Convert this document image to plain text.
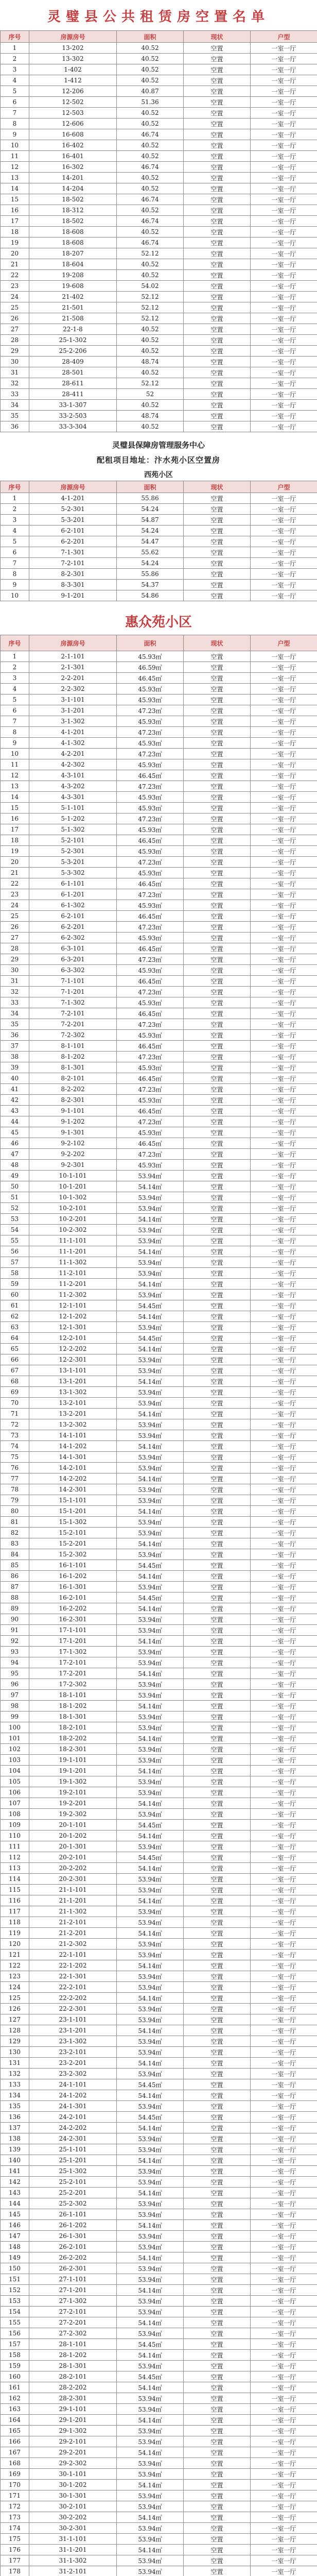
灵璧县公共租赁房空置名单
序号	房源房号	面积	现状	户型
1	13-202	40.52	空置	一室一厅
2	13-302	40.52	空置	一室一厅
3	1-402	40.52	空置	一室一厅
4	1-412	40.52	空置	一室一厅
5	12-206	40.87	空置	一室一厅
6	12-502	51.36	空置	一室一厅
7	12-503	40.52	空置	一室一厅
8	12-606	40.52	空置	一室一厅
9	16-608	46.74	空置	一室一厅
10	16-402	40.52	空置	一室一厅
11	16-401	40.52	空置	一室一厅
12	16-302	46.74	空置	一室一厅
13	14-201	40.52	空置	一室一厅
14	14-204	40.52	空置	一室一厅
15	18-502	46.74	空置	一室一厅
16	18-312	40.52	空置	一室一厅
17	18-502	46.74	空置	一室一厅
18	18-608	40.52	空置	一室一厅
19	18-608	46.74	空置	一室一厅
20	18-207	52.12	空置	一室一厅
21	18-604	40.52	空置	一室一厅
22	19-208	40.52	空置	一室一厅
23	19-608	54.02	空置	一室一厅
24	21-402	52.12	空置	一室一厅
25	21-501	52.12	空置	一室一厅
26	21-508	52.12	空置	一室一厅
27	22-1-8	40.52	空置	一室一厅
28	25-1-302	40.52	空置	一室一厅
29	25-2-206	40.52	空置	一室一厅
30	28-409	48.74	空置	一室一厅
31	28-501	40.52	空置	一室一厅
32	28-611	52.12	空置	一室一厅
33	28-411	52	空置	一室一厅
34	33-1-307	40.52	空置	一室一厅
35	33-2-503	48.74	空置	一室一厅
36	33-3-304	40.52	空置	一室一厅
灵璧县保障房管理服务中心
配租项目地址：汴水苑小区空置房
西苑小区
序号	房源房号	面积	现状	户型
1	4-1-201	55.86	空置	一室一厅
2	5-2-301	54.24	空置	一室一厅
3	5-3-201	54.87	空置	一室一厅
4	6-2-101	54.24	空置	一室一厅
5	6-2-201	54.47	空置	一室一厅
6	7-1-301	55.62	空置	一室一厅
7	7-2-101	54.24	空置	一室一厅
8	8-2-301	55.86	空置	一室一厅
9	8-3-301	54.37	空置	一室一厅
10	9-1-201	54.86	空置	一室一厅
惠众苑小区
序号	房源房号	面积	现状	户型
1	2-1-101	45.93㎡	空置	一室一厅
2	2-1-301	46.59㎡	空置	一室一厅
3	2-2-201	46.45㎡	空置	一室一厅
4	2-2-302	45.93㎡	空置	一室一厅
5	3-1-101	45.93㎡	空置	一室一厅
6	3-1-201	47.23㎡	空置	一室一厅
7	3-1-302	45.93㎡	空置	一室一厅
8	4-1-201	47.23㎡	空置	一室一厅
9	4-1-302	45.93㎡	空置	一室一厅
10	4-2-201	47.23㎡	空置	一室一厅
11	4-2-302	45.93㎡	空置	一室一厅
12	4-3-101	46.45㎡	空置	一室一厅
13	4-3-202	47.23㎡	空置	一室一厅
14	4-3-301	45.93㎡	空置	一室一厅
15	5-1-101	45.93㎡	空置	一室一厅
16	5-1-202	47.23㎡	空置	一室一厅
17	5-1-302	45.93㎡	空置	一室一厅
18	5-2-101	46.45㎡	空置	一室一厅
19	5-2-301	45.93㎡	空置	一室一厅
20	5-3-201	47.23㎡	空置	一室一厅
21	5-3-302	45.93㎡	空置	一室一厅
22	6-1-101	46.45㎡	空置	一室一厅
23	6-1-201	47.23㎡	空置	一室一厅
24	6-1-302	45.93㎡	空置	一室一厅
25	6-2-101	46.45㎡	空置	一室一厅
26	6-2-201	47.23㎡	空置	一室一厅
27	6-2-302	45.93㎡	空置	一室一厅
28	6-3-101	46.45㎡	空置	一室一厅
29	6-3-201	47.23㎡	空置	一室一厅
30	6-3-302	45.93㎡	空置	一室一厅
31	7-1-101	46.45㎡	空置	一室一厅
32	7-1-201	47.23㎡	空置	一室一厅
33	7-1-302	45.93㎡	空置	一室一厅
34	7-2-101	46.45㎡	空置	一室一厅
35	7-2-201	47.23㎡	空置	一室一厅
36	7-2-302	45.93㎡	空置	一室一厅
37	8-1-101	46.45㎡	空置	一室一厅
38	8-1-202	47.23㎡	空置	一室一厅
39	8-1-301	45.93㎡	空置	一室一厅
40	8-2-101	46.45㎡	空置	一室一厅
41	8-2-202	47.23㎡	空置	一室一厅
42	8-2-301	45.93㎡	空置	一室一厅
43	9-1-101	46.45㎡	空置	一室一厅
44	9-1-202	47.23㎡	空置	一室一厅
45	9-1-301	45.93㎡	空置	一室一厅
46	9-2-102	46.45㎡	空置	一室一厅
47	9-2-202	47.23㎡	空置	一室一厅
48	9-2-301	45.93㎡	空置	一室一厅
49	10-1-101	53.94㎡	空置	一室一厅
50	10-1-201	54.14㎡	空置	一室一厅
51	10-1-302	53.94㎡	空置	一室一厅
52	10-2-101	53.94㎡	空置	一室一厅
53	10-2-201	54.14㎡	空置	一室一厅
54	10-2-302	53.94㎡	空置	一室一厅
55	11-1-101	53.94㎡	空置	一室一厅
56	11-1-201	54.14㎡	空置	一室一厅
57	11-1-302	53.94㎡	空置	一室一厅
58	11-2-101	53.94㎡	空置	一室一厅
59	11-2-201	54.14㎡	空置	一室一厅
60	11-2-302	53.94㎡	空置	一室一厅
61	12-1-101	54.45㎡	空置	一室一厅
62	12-1-202	54.14㎡	空置	一室一厅
63	12-1-301	53.94㎡	空置	一室一厅
64	12-2-101	54.45㎡	空置	一室一厅
65	12-2-202	54.14㎡	空置	一室一厅
66	12-2-301	53.94㎡	空置	一室一厅
67	13-1-101	53.94㎡	空置	一室一厅
68	13-1-201	54.14㎡	空置	一室一厅
69	13-1-302	53.94㎡	空置	一室一厅
70	13-2-101	53.94㎡	空置	一室一厅
71	13-2-201	54.14㎡	空置	一室一厅
72	13-2-302	53.94㎡	空置	一室一厅
73	14-1-101	53.94㎡	空置	一室一厅
74	14-1-202	54.14㎡	空置	一室一厅
75	14-1-301	53.94㎡	空置	一室一厅
76	14-2-101	53.94㎡	空置	一室一厅
77	14-2-202	54.14㎡	空置	一室一厅
78	14-2-301	53.94㎡	空置	一室一厅
79	15-1-101	53.94㎡	空置	一室一厅
80	15-1-201	54.14㎡	空置	一室一厅
81	15-1-302	53.94㎡	空置	一室一厅
82	15-2-101	53.94㎡	空置	一室一厅
83	15-2-201	54.14㎡	空置	一室一厅
84	15-2-302	53.94㎡	空置	一室一厅
85	16-1-101	54.45㎡	空置	一室一厅
86	16-1-202	54.14㎡	空置	一室一厅
87	16-1-301	53.94㎡	空置	一室一厅
88	16-2-101	54.45㎡	空置	一室一厅
89	16-2-202	54.14㎡	空置	一室一厅
90	16-2-301	53.94㎡	空置	一室一厅
91	17-1-101	53.94㎡	空置	一室一厅
92	17-1-201	54.14㎡	空置	一室一厅
93	17-1-302	53.94㎡	空置	一室一厅
94	17-2-101	53.94㎡	空置	一室一厅
95	17-2-201	54.14㎡	空置	一室一厅
96	17-2-302	53.94㎡	空置	一室一厅
97	18-1-101	53.94㎡	空置	一室一厅
98	18-1-202	54.14㎡	空置	一室一厅
99	18-1-301	53.94㎡	空置	一室一厅
100	18-2-101	53.94㎡	空置	一室一厅
101	18-2-202	54.14㎡	空置	一室一厅
102	18-2-301	53.94㎡	空置	一室一厅
103	19-1-101	53.94㎡	空置	一室一厅
104	19-1-201	54.14㎡	空置	一室一厅
105	19-1-302	53.94㎡	空置	一室一厅
106	19-2-101	53.94㎡	空置	一室一厅
107	19-2-201	54.14㎡	空置	一室一厅
108	19-2-302	53.94㎡	空置	一室一厅
109	20-1-101	54.45㎡	空置	一室一厅
110	20-1-202	54.14㎡	空置	一室一厅
111	20-1-301	53.94㎡	空置	一室一厅
112	20-2-101	54.45㎡	空置	一室一厅
113	20-2-202	54.14㎡	空置	一室一厅
114	20-2-301	53.94㎡	空置	一室一厅
115	21-1-101	53.94㎡	空置	一室一厅
116	21-1-201	54.14㎡	空置	一室一厅
117	21-1-302	53.94㎡	空置	一室一厅
118	21-2-101	53.94㎡	空置	一室一厅
119	21-2-201	54.14㎡	空置	一室一厅
120	21-2-302	53.94㎡	空置	一室一厅
121	22-1-101	53.94㎡	空置	一室一厅
122	22-1-202	54.14㎡	空置	一室一厅
123	22-1-301	53.94㎡	空置	一室一厅
124	22-2-101	53.94㎡	空置	一室一厅
125	22-2-202	54.14㎡	空置	一室一厅
126	22-2-301	53.94㎡	空置	一室一厅
127	23-1-101	53.94㎡	空置	一室一厅
128	23-1-201	54.14㎡	空置	一室一厅
129	23-1-302	53.94㎡	空置	一室一厅
130	23-2-101	53.94㎡	空置	一室一厅
131	23-2-201	54.14㎡	空置	一室一厅
132	23-2-302	53.94㎡	空置	一室一厅
133	24-1-101	54.45㎡	空置	一室一厅
134	24-1-202	54.14㎡	空置	一室一厅
135	24-1-301	53.94㎡	空置	一室一厅
136	24-2-101	54.45㎡	空置	一室一厅
137	24-2-202	54.14㎡	空置	一室一厅
138	24-2-301	53.94㎡	空置	一室一厅
139	25-1-101	53.94㎡	空置	一室一厅
140	25-1-201	54.14㎡	空置	一室一厅
141	25-1-302	53.94㎡	空置	一室一厅
142	25-2-101	53.94㎡	空置	一室一厅
143	25-2-201	54.14㎡	空置	一室一厅
144	25-2-302	53.94㎡	空置	一室一厅
145	26-1-101	53.94㎡	空置	一室一厅
146	26-1-202	54.14㎡	空置	一室一厅
147	26-1-301	53.94㎡	空置	一室一厅
148	26-2-101	53.94㎡	空置	一室一厅
149	26-2-202	54.14㎡	空置	一室一厅
150	26-2-301	53.94㎡	空置	一室一厅
151	27-1-101	53.94㎡	空置	一室一厅
152	27-1-201	54.14㎡	空置	一室一厅
153	27-1-302	53.94㎡	空置	一室一厅
154	27-2-101	53.94㎡	空置	一室一厅
155	27-2-201	54.14㎡	空置	一室一厅
156	27-2-302	53.94㎡	空置	一室一厅
157	28-1-101	54.45㎡	空置	一室一厅
158	28-1-202	54.14㎡	空置	一室一厅
159	28-1-301	53.94㎡	空置	一室一厅
160	28-2-101	54.45㎡	空置	一室一厅
161	28-2-202	54.14㎡	空置	一室一厅
162	28-2-301	53.94㎡	空置	一室一厅
163	29-1-101	53.94㎡	空置	一室一厅
164	29-1-201	54.14㎡	空置	一室一厅
165	29-1-302	53.94㎡	空置	一室一厅
166	29-2-101	53.94㎡	空置	一室一厅
167	29-2-201	54.14㎡	空置	一室一厅
168	29-2-302	53.94㎡	空置	一室一厅
169	30-1-101	53.94㎡	空置	一室一厅
170	30-1-202	54.14㎡	空置	一室一厅
171	30-1-301	53.94㎡	空置	一室一厅
172	30-2-101	53.94㎡	空置	一室一厅
173	30-2-202	54.14㎡	空置	一室一厅
174	30-2-301	53.94㎡	空置	一室一厅
175	31-1-101	53.94㎡	空置	一室一厅
176	31-1-201	54.14㎡	空置	一室一厅
177	31-1-302	53.94㎡	空置	一室一厅
178	31-2-101	53.94㎡	空置	一室一厅
